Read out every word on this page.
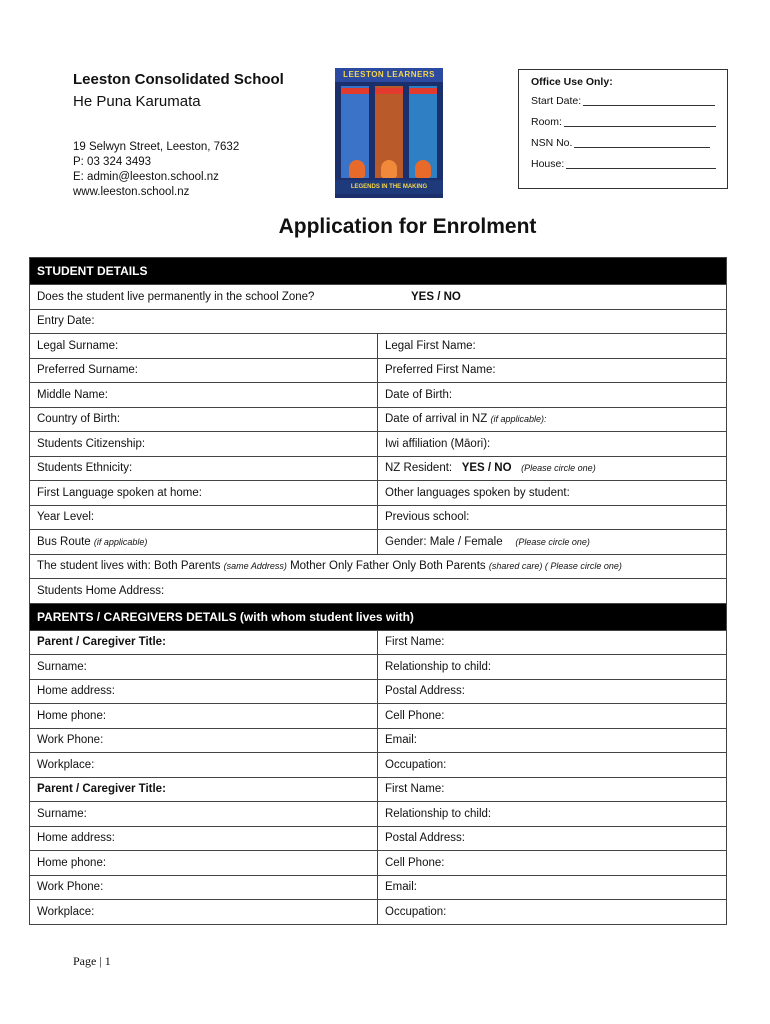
Leeston Consolidated School

He Puna Karumata

19 Selwyn Street, Leeston, 7632
P: 03 324 3493
E: admin@leeston.school.nz
www.leeston.school.nz
LEESTON LEARNERS
LEGENDS IN THE MAKING
Office Use Only:
Start Date:
Room:
NSN No.
House:
Application for Enrolment
STUDENT DETAILS	
Does the student live permanently in the school Zone? YES / NO	

Entry Date:	
Legal Surname:	Legal First Name:
Preferred Surname:	Preferred First Name:
Middle Name:	Date of Birth:
Country of Birth:	Date of arrival in NZ (if applicable):
Students Citizenship:	Iwi affiliation (Māori):
Students Ethnicity:	NZ Resident: YES / NO (Please circle one)
First Language spoken at home:	Other languages spoken by student:
Year Level:	Previous school:
Bus Route (if applicable)	Gender: Male / Female (Please circle one)
The student lives with: Both Parents (same Address) Mother Only Father Only Both Parents (shared care) ( Please circle one)	
Students Home Address:	
PARENTS / CAREGIVERS DETAILS (with whom student lives with)	
Parent / Caregiver Title:	First Name:
Surname:	Relationship to child:
Home address:	Postal Address:
Home phone:	Cell Phone:
Work Phone:	Email:
Workplace:	Occupation:
Parent / Caregiver Title:	First Name:
Surname:	Relationship to child:
Home address:	Postal Address:
Home phone:	Cell Phone:
Work Phone:	Email:
Workplace:	Occupation:
Page | 1
